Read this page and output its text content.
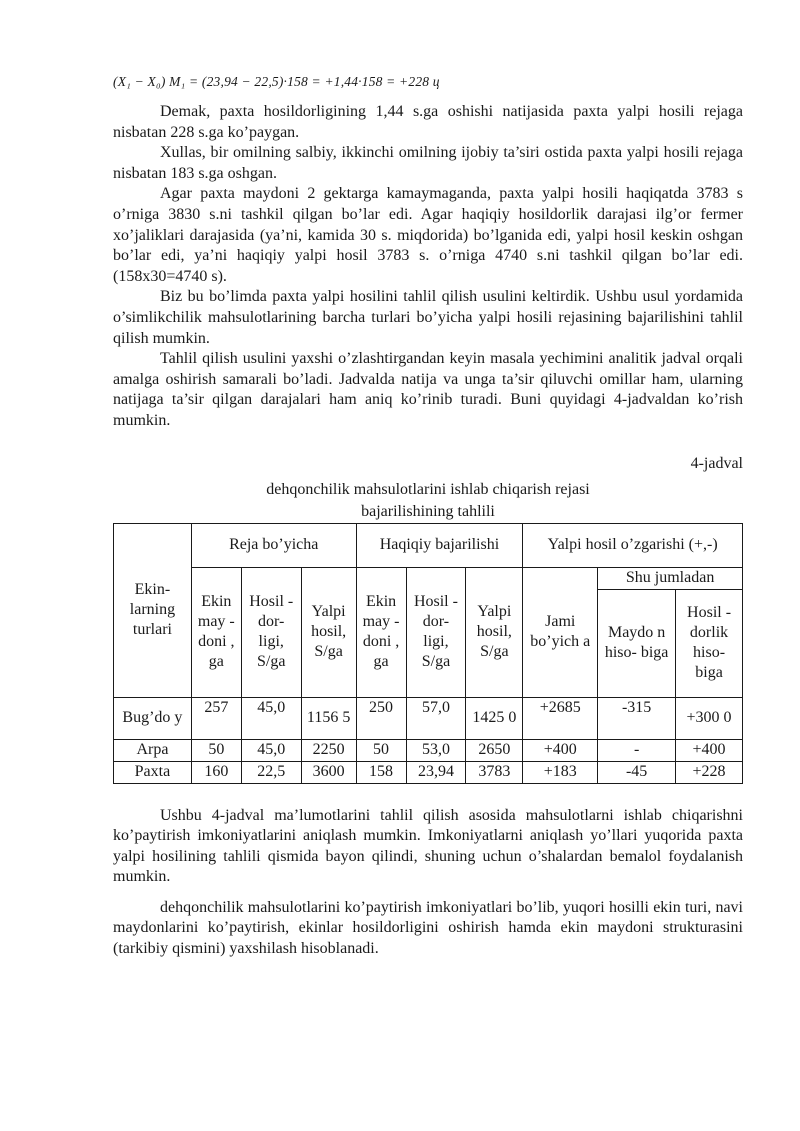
(X₁ − X₀) M₁ = (23,94 − 22,5)·158 = +1,44·158 = +228 ц

Demak, paxta hosildorligining 1,44 s.ga oshishi natijasida paxta yalpi hosili rejaga nisbatan 228 s.ga ko’paygan.

Xullas, bir omilning salbiy, ikkinchi omilning ijobiy ta’siri ostida paxta yalpi hosili rejaga nisbatan 183 s.ga oshgan.

Agar paxta maydoni 2 gektarga kamaymaganda, paxta yalpi hosili haqiqatda 3783 s o’rniga 3830 s.ni tashkil qilgan bo’lar edi. Agar haqiqiy hosildorlik darajasi ilg’or fermer xo’jaliklari darajasida (ya’ni, kamida 30 s. miqdorida) bo’lganida edi, yalpi hosil keskin oshgan bo’lar edi, ya’ni haqiqiy yalpi hosil 3783 s. o’rniga 4740 s.ni tashkil qilgan bo’lar edi. (158x30=4740 s).

Biz bu bo’limda paxta yalpi hosilini tahlil qilish usulini keltirdik. Ushbu usul yordamida o’simlikchilik mahsulotlarining barcha turlari bo’yicha yalpi hosili rejasining bajarilishini tahlil qilish mumkin.

Tahlil qilish usulini yaxshi o’zlashtirgandan keyin masala yechimini analitik jadval orqali amalga oshirish samarali bo’ladi. Jadvalda natija va unga ta’sir qiluvchi omillar ham, ularning natijaga ta’sir qilgan darajalari ham aniq ko’rinib turadi. Buni quyidagi 4-jadvaldan ko’rish mumkin.

4-jadval
dehqonchilik mahsulotlarini ishlab chiqarish rejasi bajarilishining tahlili
Ekin-larning turlari	Reja bo’yicha			Haqiqiy bajarilishi			Yalpi hosil o’zgarishi (+,-)		
	Ekin may - doni , ga	Hosil -dor- ligi, S/ga	Yalpi hosil, S/ga	Ekin may - doni , ga	Hosil -dor- ligi, S/ga	Yalpi hosil, S/ga	Jami bo’yich a	Shu jumladan	
								Maydo n hiso- biga	Hosil - dorlik hiso- biga
Bug’do y	257	45,0	1156 5	250	57,0	1425 0	+2685	-315	+300 0
Arpa	50	45,0	2250	50	53,0	2650	+400	-	+400
Paxta	160	22,5	3600	158	23,94	3783	+183	-45	+228

Ushbu 4-jadval ma’lumotlarini tahlil qilish asosida mahsulotlarni ishlab chiqarishni ko’paytirish imkoniyatlarini aniqlash mumkin. Imkoniyatlarni aniqlash yo’llari yuqorida paxta yalpi hosilining tahlili qismida bayon qilindi, shuning uchun o’shalardan bemalol foydalanish mumkin.

dehqonchilik mahsulotlarini ko’paytirish imkoniyatlari bo’lib, yuqori hosilli ekin turi, navi maydonlarini ko’paytirish, ekinlar hosildorligini oshirish hamda ekin maydoni strukturasini (tarkibiy qismini) yaxshilash hisoblanadi.
